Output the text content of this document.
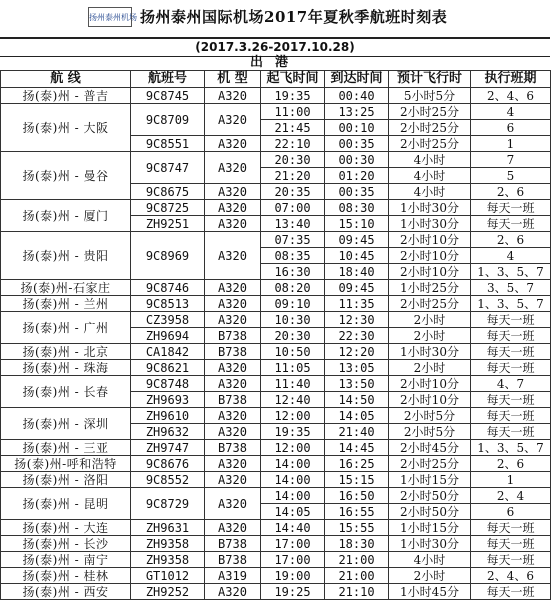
扬州泰州机场 扬州泰州国际机场2017年夏秋季航班时刻表
(2017.3.26-2017.10.28)
出港
航 线	航班号	机 型	起飞时间	到达时间	预计飞行时	执行班期
扬(泰)州 - 普吉	9C8745	A320	19:35	00:40	5小时5分	2、4、6
扬(泰)州 - 大阪	9C8709	A320	11:00	13:25	2小时25分	4
			21:45	00:10	2小时25分	6
	9C8551	A320	22:10	00:35	2小时25分	1
扬(泰)州 - 曼谷	9C8747	A320	20:30	00:30	4小时	7
			21:20	01:20	4小时	5
	9C8675	A320	20:35	00:35	4小时	2、6
扬(泰)州 - 厦门	9C8725	A320	07:00	08:30	1小时30分	每天一班
	ZH9251	A320	13:40	15:10	1小时30分	每天一班
扬(泰)州 - 贵阳	9C8969	A320	07:35	09:45	2小时10分	2、6
			08:35	10:45	2小时10分	4
			16:30	18:40	2小时10分	1、3、5、7
扬(泰)州-石家庄	9C8746	A320	08:20	09:45	1小时25分	3、5、7
扬(泰)州 - 兰州	9C8513	A320	09:10	11:35	2小时25分	1、3、5、7
扬(泰)州 - 广州	CZ3958	A320	10:30	12:30	2小时	每天一班
	ZH9694	B738	20:30	22:30	2小时	每天一班
扬(泰)州 - 北京	CA1842	B738	10:50	12:20	1小时30分	每天一班
扬(泰)州 - 珠海	9C8621	A320	11:05	13:05	2小时	每天一班
扬(泰)州 - 长春	9C8748	A320	11:40	13:50	2小时10分	4、7
	ZH9693	B738	12:40	14:50	2小时10分	每天一班
扬(泰)州 - 深圳	ZH9610	A320	12:00	14:05	2小时5分	每天一班
	ZH9632	A320	19:35	21:40	2小时5分	每天一班
扬(泰)州 - 三亚	ZH9747	B738	12:00	14:45	2小时45分	1、3、5、7
扬(泰)州-呼和浩特	9C8676	A320	14:00	16:25	2小时25分	2、6
扬(泰)州 - 洛阳	9C8552	A320	14:00	15:15	1小时15分	1
扬(泰)州 - 昆明	9C8729	A320	14:00	16:50	2小时50分	2、4
			14:05	16:55	2小时50分	6
扬(泰)州 - 大连	ZH9631	A320	14:40	15:55	1小时15分	每天一班
扬(泰)州 - 长沙	ZH9358	B738	17:00	18:30	1小时30分	每天一班
扬(泰)州 - 南宁	ZH9358	B738	17:00	21:00	4小时	每天一班
扬(泰)州 - 桂林	GT1012	A319	19:00	21:00	2小时	2、4、6
扬(泰)州 - 西安	ZH9252	A320	19:25	21:10	1小时45分	每天一班
